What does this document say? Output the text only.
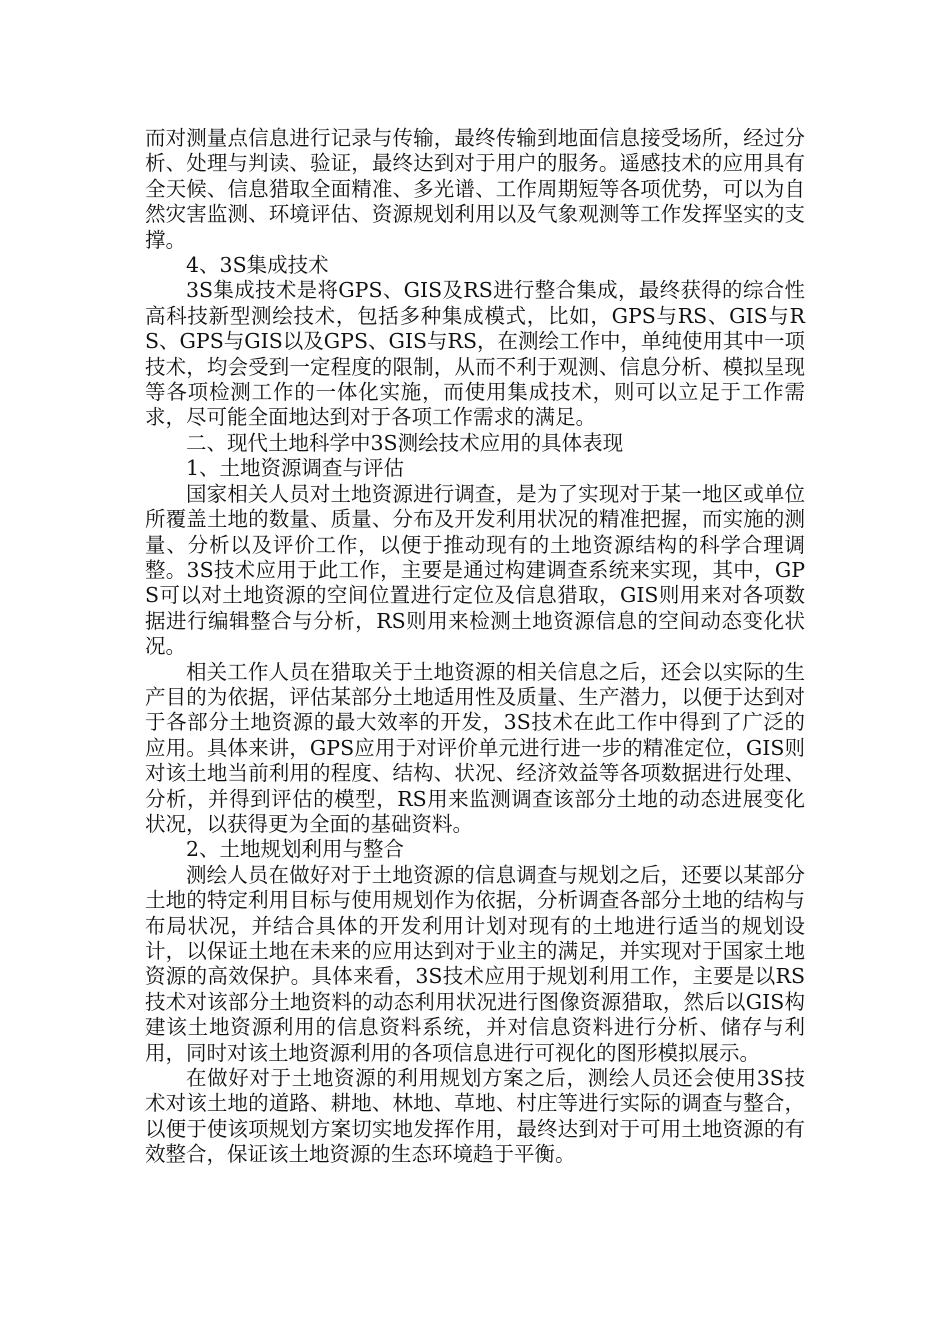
而对测量点信息进行记录与传输，最终传输到地面信息接受场所，经过分析、处理与判读、验证，最终达到对于用户的服务。遥感技术的应用具有全天候、信息猎取全面精准、多光谱、工作周期短等各项优势，可以为自然灾害监测、环境评估、资源规划利用以及气象观测等工作发挥坚实的支撑。

4、3S集成技术

3S集成技术是将GPS、GIS及RS进行整合集成，最终获得的综合性高科技新型测绘技术，包括多种集成模式，比如，GPS与RS、GIS与RS、GPS与GIS以及GPS、GIS与RS，在测绘工作中，单纯使用其中一项技术，均会受到一定程度的限制，从而不利于观测、信息分析、模拟呈现等各项检测工作的一体化实施，而使用集成技术，则可以立足于工作需求，尽可能全面地达到对于各项工作需求的满足。

二、现代土地科学中3S测绘技术应用的具体表现
1、土地资源调查与评估

国家相关人员对土地资源进行调查，是为了实现对于某一地区或单位所覆盖土地的数量、质量、分布及开发利用状况的精准把握，而实施的测量、分析以及评价工作，以便于推动现有的土地资源结构的科学合理调整。3S技术应用于此工作，主要是通过构建调查系统来实现，其中，GPS可以对土地资源的空间位置进行定位及信息猎取，GIS则用来对各项数据进行编辑整合与分析，RS则用来检测土地资源信息的空间动态变化状况。

相关工作人员在猎取关于土地资源的相关信息之后，还会以实际的生产目的为依据，评估某部分土地适用性及质量、生产潜力，以便于达到对于各部分土地资源的最大效率的开发，3S技术在此工作中得到了广泛的应用。具体来讲，GPS应用于对评价单元进行进一步的精准定位，GIS则对该土地当前利用的程度、结构、状况、经济效益等各项数据进行处理、分析，并得到评估的模型，RS用来监测调查该部分土地的动态进展变化状况，以获得更为全面的基础资料。

2、土地规划利用与整合

测绘人员在做好对于土地资源的信息调查与规划之后，还要以某部分土地的特定利用目标与使用规划作为依据，分析调查各部分土地的结构与布局状况，并结合具体的开发利用计划对现有的土地进行适当的规划设计，以保证土地在未来的应用达到对于业主的满足，并实现对于国家土地资源的高效保护。具体来看，3S技术应用于规划利用工作，主要是以RS技术对该部分土地资料的动态利用状况进行图像资源猎取，然后以GIS构建该土地资源利用的信息资料系统，并对信息资料进行分析、储存与利用，同时对该土地资源利用的各项信息进行可视化的图形模拟展示。

在做好对于土地资源的利用规划方案之后，测绘人员还会使用3S技术对该土地的道路、耕地、林地、草地、村庄等进行实际的调查与整合，以便于使该项规划方案切实地发挥作用，最终达到对于可用土地资源的有效整合，保证该土地资源的生态环境趋于平衡。
